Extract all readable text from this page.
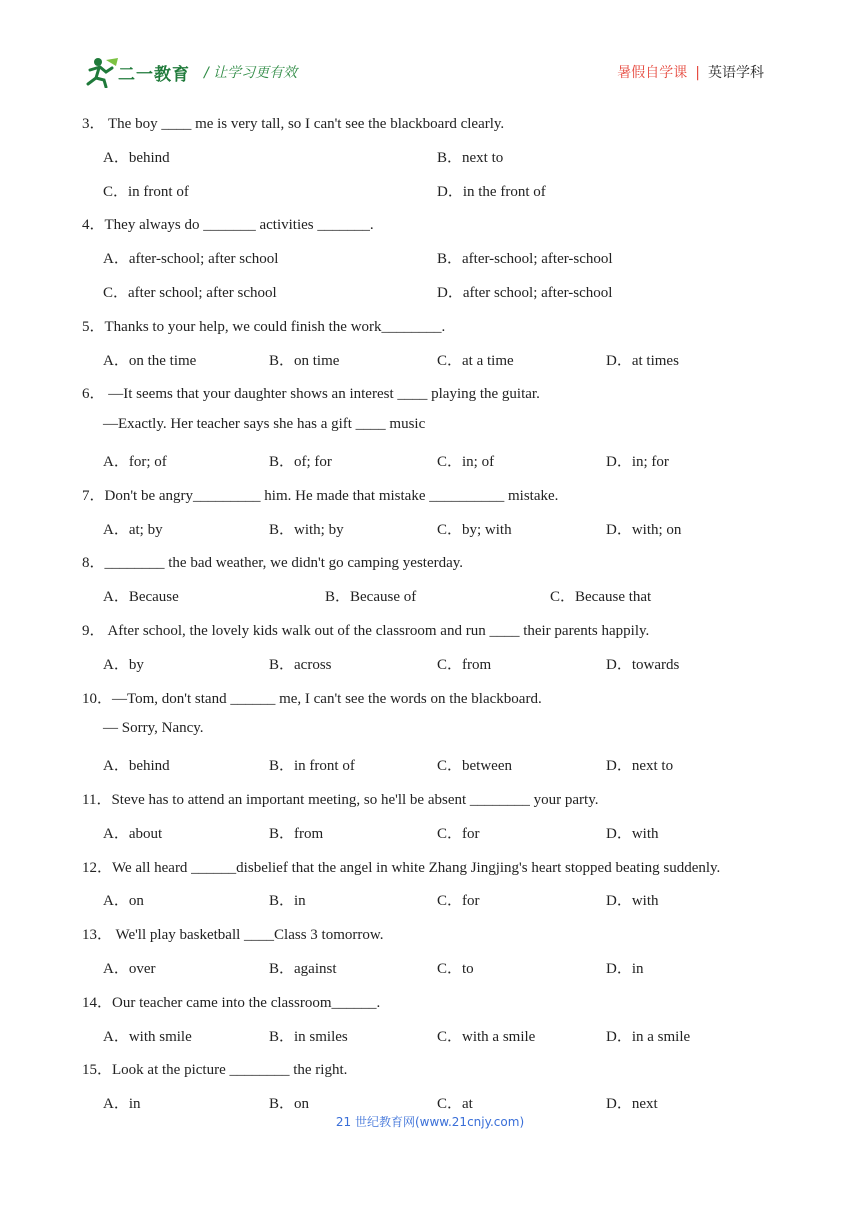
二一教育 / 让学习更有效	暑假自学课 | 英语学科
3． The boy ____ me is very tall, so I can't see the blackboard clearly.
A．behind	B．next to
C．in front of	D．in the front of
4．They always do _______ activities _______.
A．after-school; after school	B．after-school; after-school
C．after school; after school	D．after school; after-school
5．Thanks to your help, we could finish the work________.
A．on the time	B．on time	C．at a time	D．at times
6． —It seems that your daughter shows an interest ____ playing the guitar.
—Exactly. Her teacher says she has a gift ____ music
A．for; of	B．of; for	C．in; of	D．in; for
7．Don't be angry_________ him. He made that mistake __________ mistake.
A．at; by	B．with; by	C．by; with	D．with; on
8．________ the bad weather, we didn't go camping yesterday.
A．Because	B．Because of	C．Because that
9． After school, the lovely kids walk out of the classroom and run ____ their parents happily.
A．by	B．across	C．from	D．towards
10．—Tom, don't stand ______ me, I can't see the words on the blackboard.
— Sorry, Nancy.
A．behind	B．in front of	C．between	D．next to
11．Steve has to attend an important meeting, so he'll be absent ________ your party.
A．about	B．from	C．for	D．with
12．We all heard ______disbelief that the angel in white Zhang Jingjing's heart stopped beating suddenly.
A．on	B．in	C．for	D．with
13． We'll play basketball ____Class 3 tomorrow.
A．over	B．against	C．to	D．in
14．Our teacher came into the classroom______.
A．with smile	B．in smiles	C．with a smile	D．in a smile
15．Look at the picture ________ the right.
A．in	B．on	C．at	D．next
21 世纪教育网(www.21cnjy.com)
